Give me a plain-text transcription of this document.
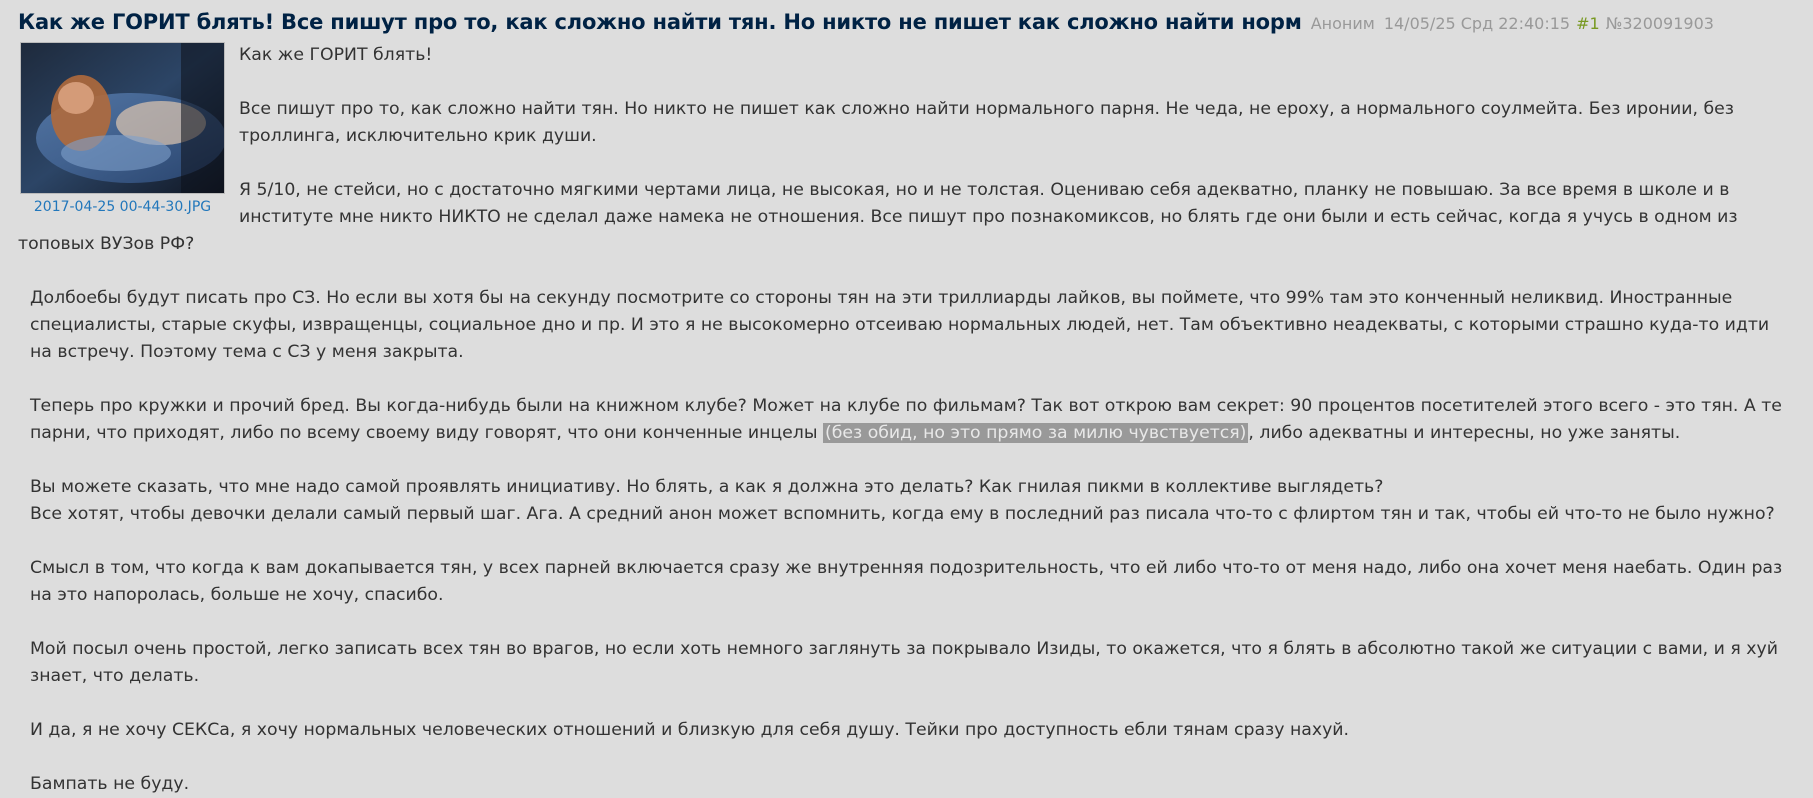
Как же ГОРИТ блять! Все пишут про то, как сложно найти тян. Но никто не пишет как сложно найти норм Аноним 14/05/25 Срд 22:40:15 #1 №320091903
2017-04-25 00-44-30.JPG

Как же ГОРИТ блять!

Все пишут про то, как сложно найти тян. Но никто не пишет как сложно найти нормального парня. Не чеда, не ероху, а нормального соулмейта. Без иронии, без троллинга, исключительно крик души.

Я 5/10, не стейси, но с достаточно мягкими чертами лица, не высокая, но и не толстая. Оцениваю себя адекватно, планку не повышаю. За все время в школе и в институте мне никто НИКТО не сделал даже намека не отношения. Все пишут про познакомиксов, но блять где они были и есть сейчас, когда я учусь в одном из топовых ВУЗов РФ?

Долбоебы будут писать про СЗ. Но если вы хотя бы на секунду посмотрите со стороны тян на эти триллиарды лайков, вы поймете, что 99% там это конченный неликвид. Иностранные специалисты, старые скуфы, извращенцы, социальное дно и пр. И это я не высокомерно отсеиваю нормальных людей, нет. Там объективно неадекваты, с которыми страшно куда-то идти на встречу. Поэтому тема с СЗ у меня закрыта.

Теперь про кружки и прочий бред. Вы когда-нибудь были на книжном клубе? Может на клубе по фильмам? Так вот открою вам секрет: 90 процентов посетителей этого всего - это тян. А те парни, что приходят, либо по всему своему виду говорят, что они конченные инцелы (без обид, но это прямо за милю чувствуется) , либо адекватны и интересны, но уже заняты.

Вы можете сказать, что мне надо самой проявлять инициативу. Но блять, а как я должна это делать? Как гнилая пикми в коллективе выглядеть?

Все хотят, чтобы девочки делали самый первый шаг. Ага. А средний анон может вспомнить, когда ему в последний раз писала что-то с флиртом тян и так, чтобы ей что-то не было нужно?

Смысл в том, что когда к вам докапывается тян, у всех парней включается сразу же внутренняя подозрительность, что ей либо что-то от меня надо, либо она хочет меня наебать. Один раз на это напоролась, больше не хочу, спасибо.

Мой посыл очень простой, легко записать всех тян во врагов, но если хоть немного заглянуть за покрывало Изиды, то окажется, что я блять в абсолютно такой же ситуации с вами, и я хуй знает, что делать.

И да, я не хочу СЕКСа, я хочу нормальных человеческих отношений и близкую для себя душу. Тейки про доступность ебли тянам сразу нахуй.

Бампать не буду.
